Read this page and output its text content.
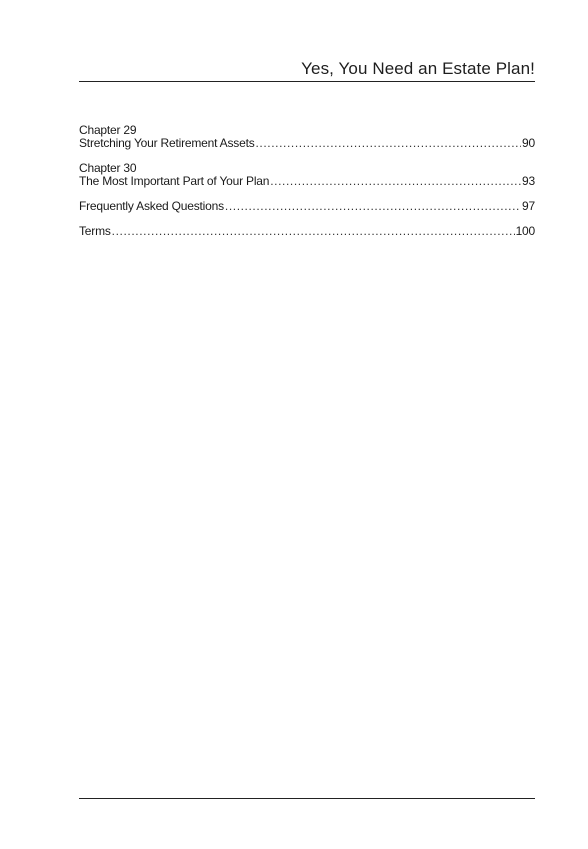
Yes, You Need an Estate Plan!
Chapter 29
Stretching Your Retirement Assets .....	90
Chapter 30
The Most Important Part of Your Plan .....	93
Frequently Asked Questions .....	97
Terms .....	100
